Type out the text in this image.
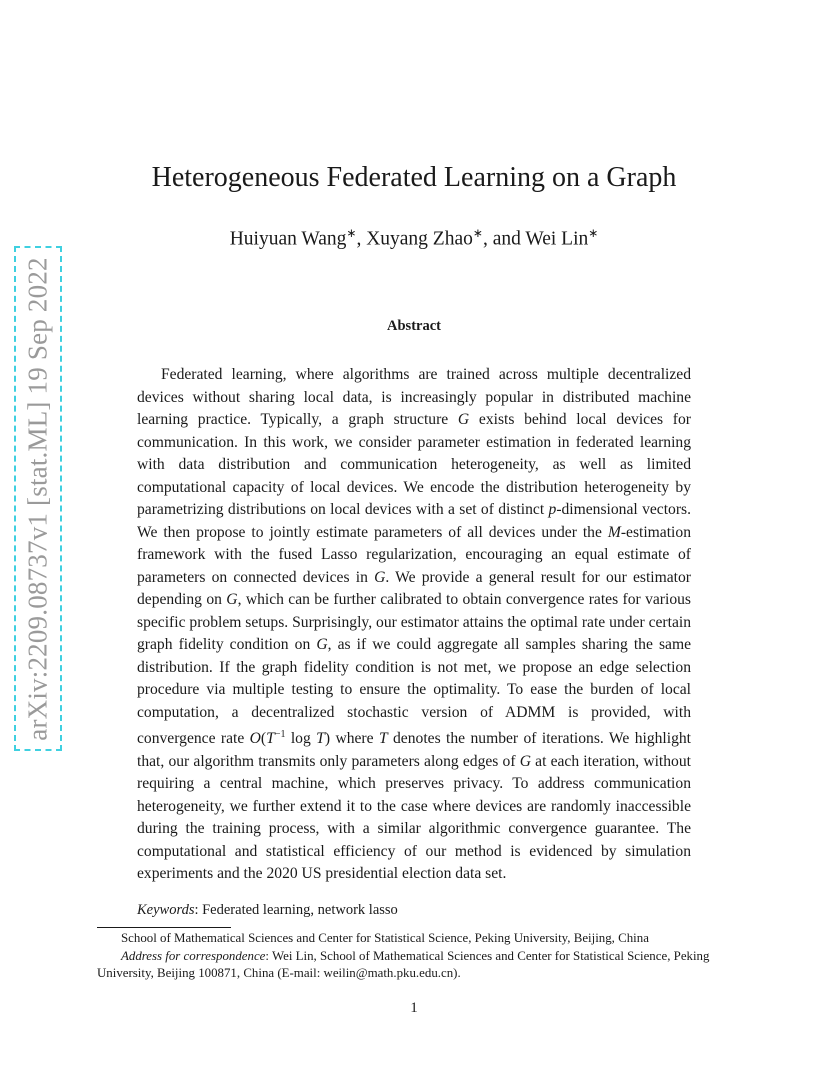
arXiv:2209.08737v1 [stat.ML] 19 Sep 2022
Heterogeneous Federated Learning on a Graph
Huiyuan Wang∗, Xuyang Zhao∗, and Wei Lin∗
Abstract

Federated learning, where algorithms are trained across multiple decentralized devices without sharing local data, is increasingly popular in distributed machine learning practice. Typically, a graph structure G exists behind local devices for communication. In this work, we consider parameter estimation in federated learning with data distribution and communication heterogeneity, as well as limited computational capacity of local devices. We encode the distribution heterogeneity by parametrizing distributions on local devices with a set of distinct p-dimensional vectors. We then propose to jointly estimate parameters of all devices under the M-estimation framework with the fused Lasso regularization, encouraging an equal estimate of parameters on connected devices in G. We provide a general result for our estimator depending on G, which can be further calibrated to obtain convergence rates for various specific problem setups. Surprisingly, our estimator attains the optimal rate under certain graph fidelity condition on G, as if we could aggregate all samples sharing the same distribution. If the graph fidelity condition is not met, we propose an edge selection procedure via multiple testing to ensure the optimality. To ease the burden of local computation, a decentralized stochastic version of ADMM is provided, with convergence rate $O(T^{-1}$ log T) where T denotes the number of iterations. We highlight that, our algorithm transmits only parameters along edges of G at each iteration, without requiring a central machine, which preserves privacy. To address communication heterogeneity, we further extend it to the case where devices are randomly inaccessible during the training process, with a similar algorithmic convergence guarantee. The computational and statistical efficiency of our method is evidenced by simulation experiments and the 2020 US presidential election data set.

Keywords: Federated learning, network lasso

School of Mathematical Sciences and Center for Statistical Science, Peking University, Beijing, China

Address for correspondence: Wei Lin, School of Mathematical Sciences and Center for Statistical Science, Peking University, Beijing 100871, China (E-mail: weilin@math.pku.edu.cn).

1
